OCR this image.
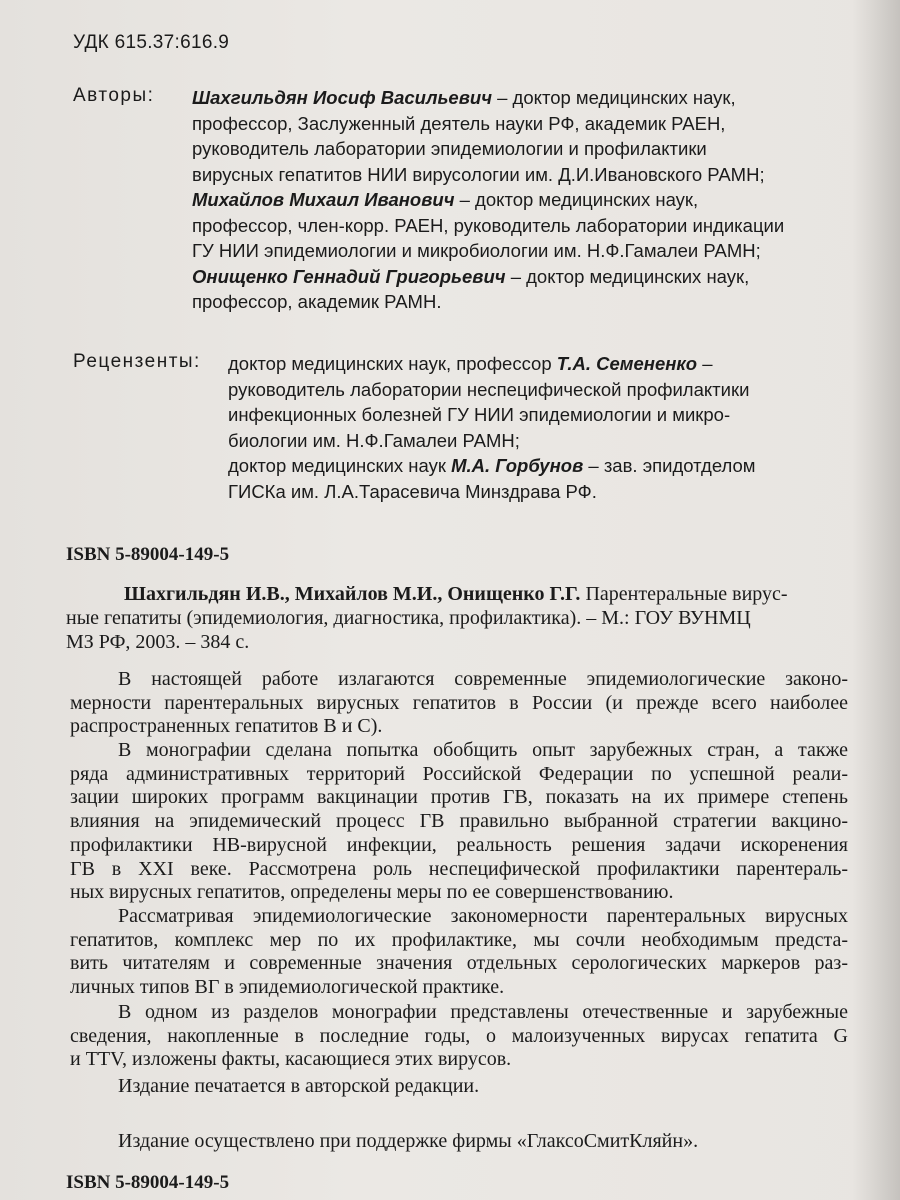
УДК 615.37:616.9
Авторы: Шахгильдян Иосиф Васильевич – доктор медицинских наук,
профессор, Заслуженный деятель науки РФ, академик РАЕН,
руководитель лаборатории эпидемиологии и профилактики
вирусных гепатитов НИИ вирусологии им. Д.И.Ивановского РАМН;
Михайлов Михаил Иванович – доктор медицинских наук,
профессор, член-корр. РАЕН, руководитель лаборатории индикации
ГУ НИИ эпидемиологии и микробиологии им. Н.Ф.Гамалеи РАМН;
Онищенко Геннадий Григорьевич – доктор медицинских наук,
профессор, академик РАМН.
Рецензенты: доктор медицинских наук, профессор Т.А. Семененко –
руководитель лаборатории неспецифической профилактики
инфекционных болезней ГУ НИИ эпидемиологии и микро-
биологии им. Н.Ф.Гамалеи РАМН;
доктор медицинских наук М.А. Горбунов – зав. эпидотделом
ГИСКа им. Л.А.Тарасевича Минздрава РФ.
ISBN 5-89004-149-5
Шахгильдян И.В., Михайлов М.И., Онищенко Г.Г. Парентеральные вирус-
ные гепатиты (эпидемиология, диагностика, профилактика). – М.: ГОУ ВУНМЦ
МЗ РФ, 2003. – 384 с.
В настоящей работе излагаются современные эпидемиологические законо-
мерности парентеральных вирусных гепатитов в России (и прежде всего наиболее
распространенных гепатитов В и С).
В монографии сделана попытка обобщить опыт зарубежных стран, а также
ряда административных территорий Российской Федерации по успешной реали-
зации широких программ вакцинации против ГВ, показать на их примере степень
влияния на эпидемический процесс ГВ правильно выбранной стратегии вакцино-
профилактики HB-вирусной инфекции, реальность решения задачи искоренения
ГВ в XXI веке. Рассмотрена роль неспецифической профилактики парентераль-
ных вирусных гепатитов, определены меры по ее совершенствованию.
Рассматривая эпидемиологические закономерности парентеральных вирусных
гепатитов, комплекс мер по их профилактике, мы сочли необходимым предста-
вить читателям и современные значения отдельных серологических маркеров раз-
личных типов ВГ в эпидемиологической практике.
В одном из разделов монографии представлены отечественные и зарубежные
сведения, накопленные в последние годы, о малоизученных вирусах гепатита G
и TTV, изложены факты, касающиеся этих вирусов.
Издание печатается в авторской редакции.
Издание осуществлено при поддержке фирмы «ГлаксоСмитКляйн».
ISBN 5-89004-149-5
